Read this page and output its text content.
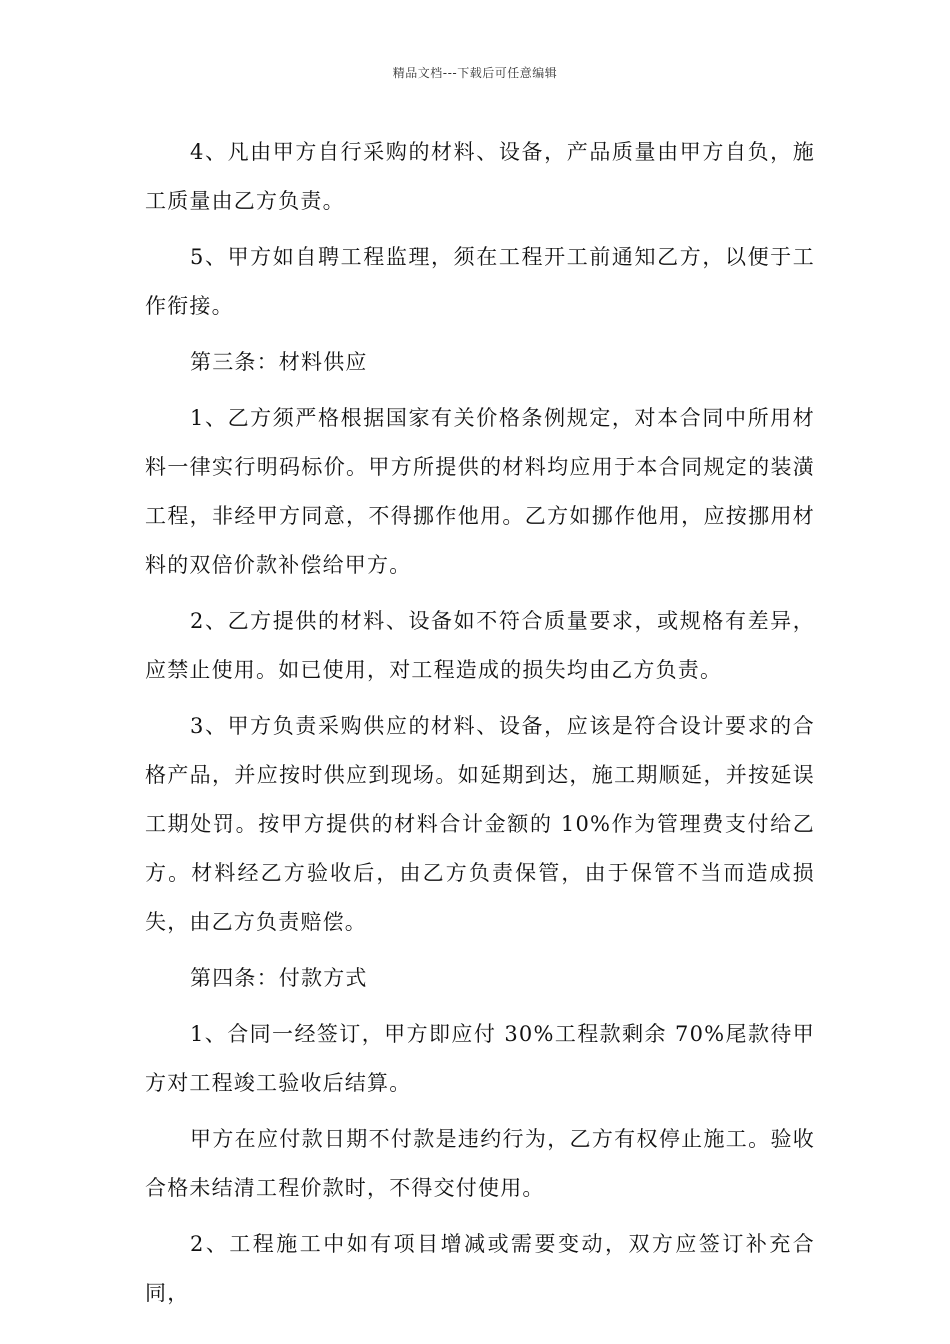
精品文档---下载后可任意编辑

4、凡由甲方自行采购的材料、设备，产品质量由甲方自负，施工质量由乙方负责。

5、甲方如自聘工程监理，须在工程开工前通知乙方，以便于工作衔接。

第三条：材料供应

1、乙方须严格根据国家有关价格条例规定，对本合同中所用材料一律实行明码标价。甲方所提供的材料均应用于本合同规定的装潢工程，非经甲方同意，不得挪作他用。乙方如挪作他用，应按挪用材料的双倍价款补偿给甲方。

2、乙方提供的材料、设备如不符合质量要求，或规格有差异，应禁止使用。如已使用，对工程造成的损失均由乙方负责。

3、甲方负责采购供应的材料、设备，应该是符合设计要求的合格产品，并应按时供应到现场。如延期到达，施工期顺延，并按延误工期处罚。按甲方提供的材料合计金额的 10%作为管理费支付给乙方。材料经乙方验收后，由乙方负责保管，由于保管不当而造成损失，由乙方负责赔偿。

第四条：付款方式

1、合同一经签订，甲方即应付 30%工程款剩余 70%尾款待甲方对工程竣工验收后结算。

甲方在应付款日期不付款是违约行为，乙方有权停止施工。验收合格未结清工程价款时，不得交付使用。

2、工程施工中如有项目增减或需要变动，双方应签订补充合同，
